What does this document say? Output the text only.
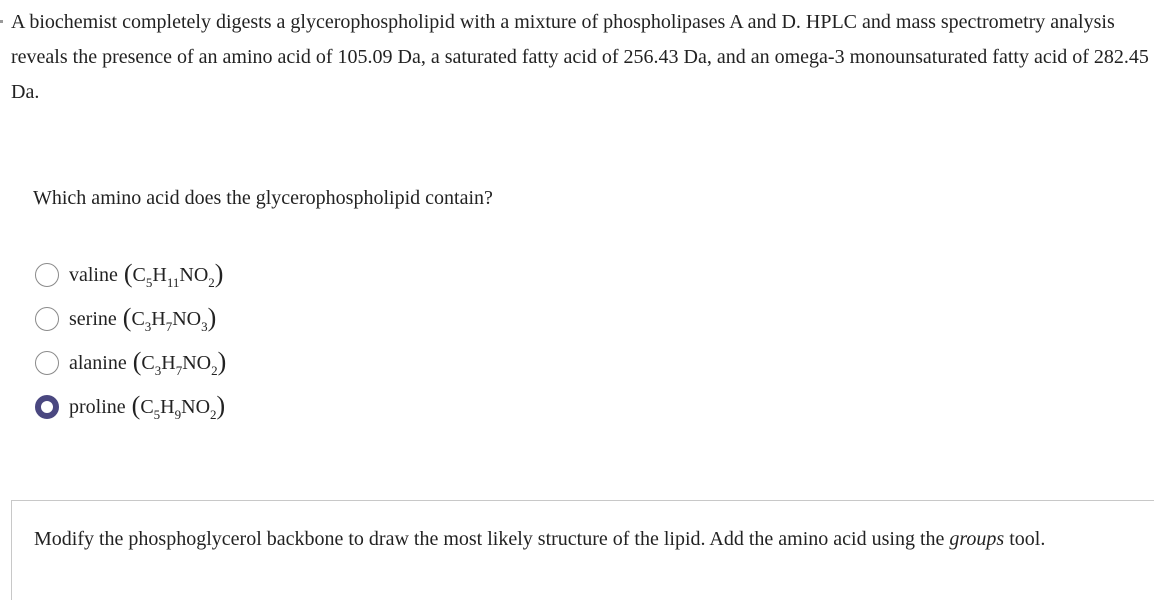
A biochemist completely digests a glycerophospholipid with a mixture of phospholipases A and D. HPLC and mass spectrometry analysis reveals the presence of an amino acid of 105.09 Da, a saturated fatty acid of 256.43 Da, and an omega-3 monounsaturated fatty acid of 282.45 Da.

Which amino acid does the glycerophospholipid contain?

valine $(C_5H_{11}NO_2)$
serine $(C_3H_7NO_3)$
alanine $(C_3H_7NO_2)$
proline $(C_5H_9NO_2)$

Modify the phosphoglycerol backbone to draw the most likely structure of the lipid. Add the amino acid using the groups tool.
